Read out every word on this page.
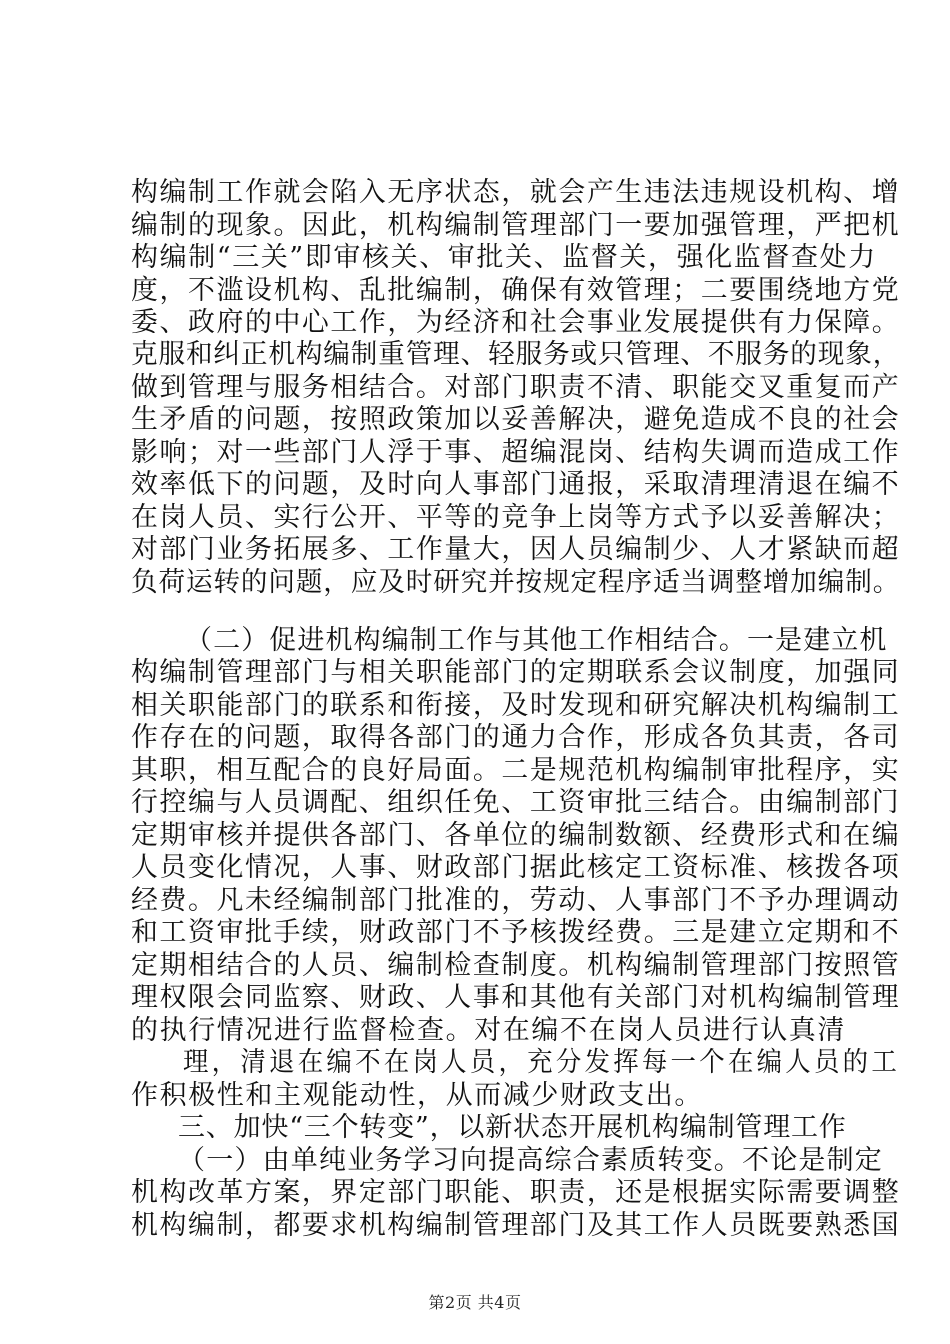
构编制工作就会陷入无序状态，就会产生违法违规设机构、增
编制的现象。因此，机构编制管理部门一要加强管理，严把机
构编制“三关”即审核关、审批关、监督关，强化监督查处力
度，不滥设机构、乱批编制，确保有效管理；二要围绕地方党
委、政府的中心工作，为经济和社会事业发展提供有力保障。
克服和纠正机构编制重管理、轻服务或只管理、不服务的现象，
做到管理与服务相结合。对部门职责不清、职能交叉重复而产
生矛盾的问题，按照政策加以妥善解决，避免造成不良的社会
影响；对一些部门人浮于事、超编混岗、结构失调而造成工作
效率低下的问题，及时向人事部门通报，采取清理清退在编不
在岗人员、实行公开、平等的竞争上岗等方式予以妥善解决；
对部门业务拓展多、工作量大，因人员编制少、人才紧缺而超
负荷运转的问题，应及时研究并按规定程序适当调整增加编制。
（二）促进机构编制工作与其他工作相结合。一是建立机
构编制管理部门与相关职能部门的定期联系会议制度，加强同
相关职能部门的联系和衔接，及时发现和研究解决机构编制工
作存在的问题，取得各部门的通力合作，形成各负其责，各司
其职，相互配合的良好局面。二是规范机构编制审批程序，实
行控编与人员调配、组织任免、工资审批三结合。由编制部门
定期审核并提供各部门、各单位的编制数额、经费形式和在编
人员变化情况，人事、财政部门据此核定工资标准、核拨各项
经费。凡未经编制部门批准的，劳动、人事部门不予办理调动
和工资审批手续，财政部门不予核拨经费。三是建立定期和不
定期相结合的人员、编制检查制度。机构编制管理部门按照管
理权限会同监察、财政、人事和其他有关部门对机构编制管理
的执行情况进行监督检查。对在编不在岗人员进行认真清
理，清退在编不在岗人员，充分发挥每一个在编人员的工
作积极性和主观能动性，从而减少财政支出。
三、加快“三个转变”，以新状态开展机构编制管理工作
（一）由单纯业务学习向提高综合素质转变。不论是制定
机构改革方案，界定部门职能、职责，还是根据实际需要调整
机构编制，都要求机构编制管理部门及其工作人员既要熟悉国
第2页 共4页
